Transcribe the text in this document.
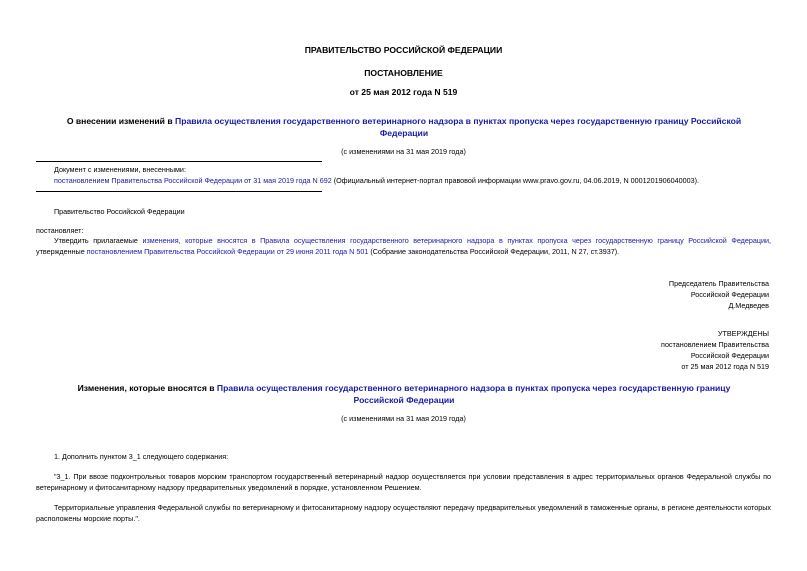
ПРАВИТЕЛЬСТВО РОССИЙСКОЙ ФЕДЕРАЦИИ
ПОСТАНОВЛЕНИЕ
от 25 мая 2012 года N 519
О внесении изменений в Правила осуществления государственного ветеринарного надзора в пунктах пропуска через государственную границу Российской Федерации
(с изменениями на 31 мая 2019 года)
Документ с изменениями, внесенными:
постановлением Правительства Российской Федерации от 31 мая 2019 года N 692 (Официальный интернет-портал правовой информации www.pravo.gov.ru, 04.06.2019, N 0001201906040003).
Правительство Российской Федерации
постановляет:
Утвердить прилагаемые изменения, которые вносятся в Правила осуществления государственного ветеринарного надзора в пунктах пропуска через государственную границу Российской Федерации, утвержденные постановлением Правительства Российской Федерации от 29 июня 2011 года N 501 (Собрание законодательства Российской Федерации, 2011, N 27, ст.3937).
Председатель Правительства
Российской Федерации
Д.Медведев
УТВЕРЖДЕНЫ
постановлением Правительства
Российской Федерации
от 25 мая 2012 года N 519
Изменения, которые вносятся в Правила осуществления государственного ветеринарного надзора в пунктах пропуска через государственную границу Российской Федерации
(с изменениями на 31 мая 2019 года)
1. Дополнить пунктом 3_1 следующего содержания:
"3_1. При ввозе подконтрольных товаров морским транспортом государственный ветеринарный надзор осуществляется при условии представления в адрес территориальных органов Федеральной службы по ветеринарному и фитосанитарному надзору предварительных уведомлений в порядке, установленном Решением.
Территориальные управления Федеральной службы по ветеринарному и фитосанитарному надзору осуществляют передачу предварительных уведомлений в таможенные органы, в регионе деятельности которых расположены морские порты.".
